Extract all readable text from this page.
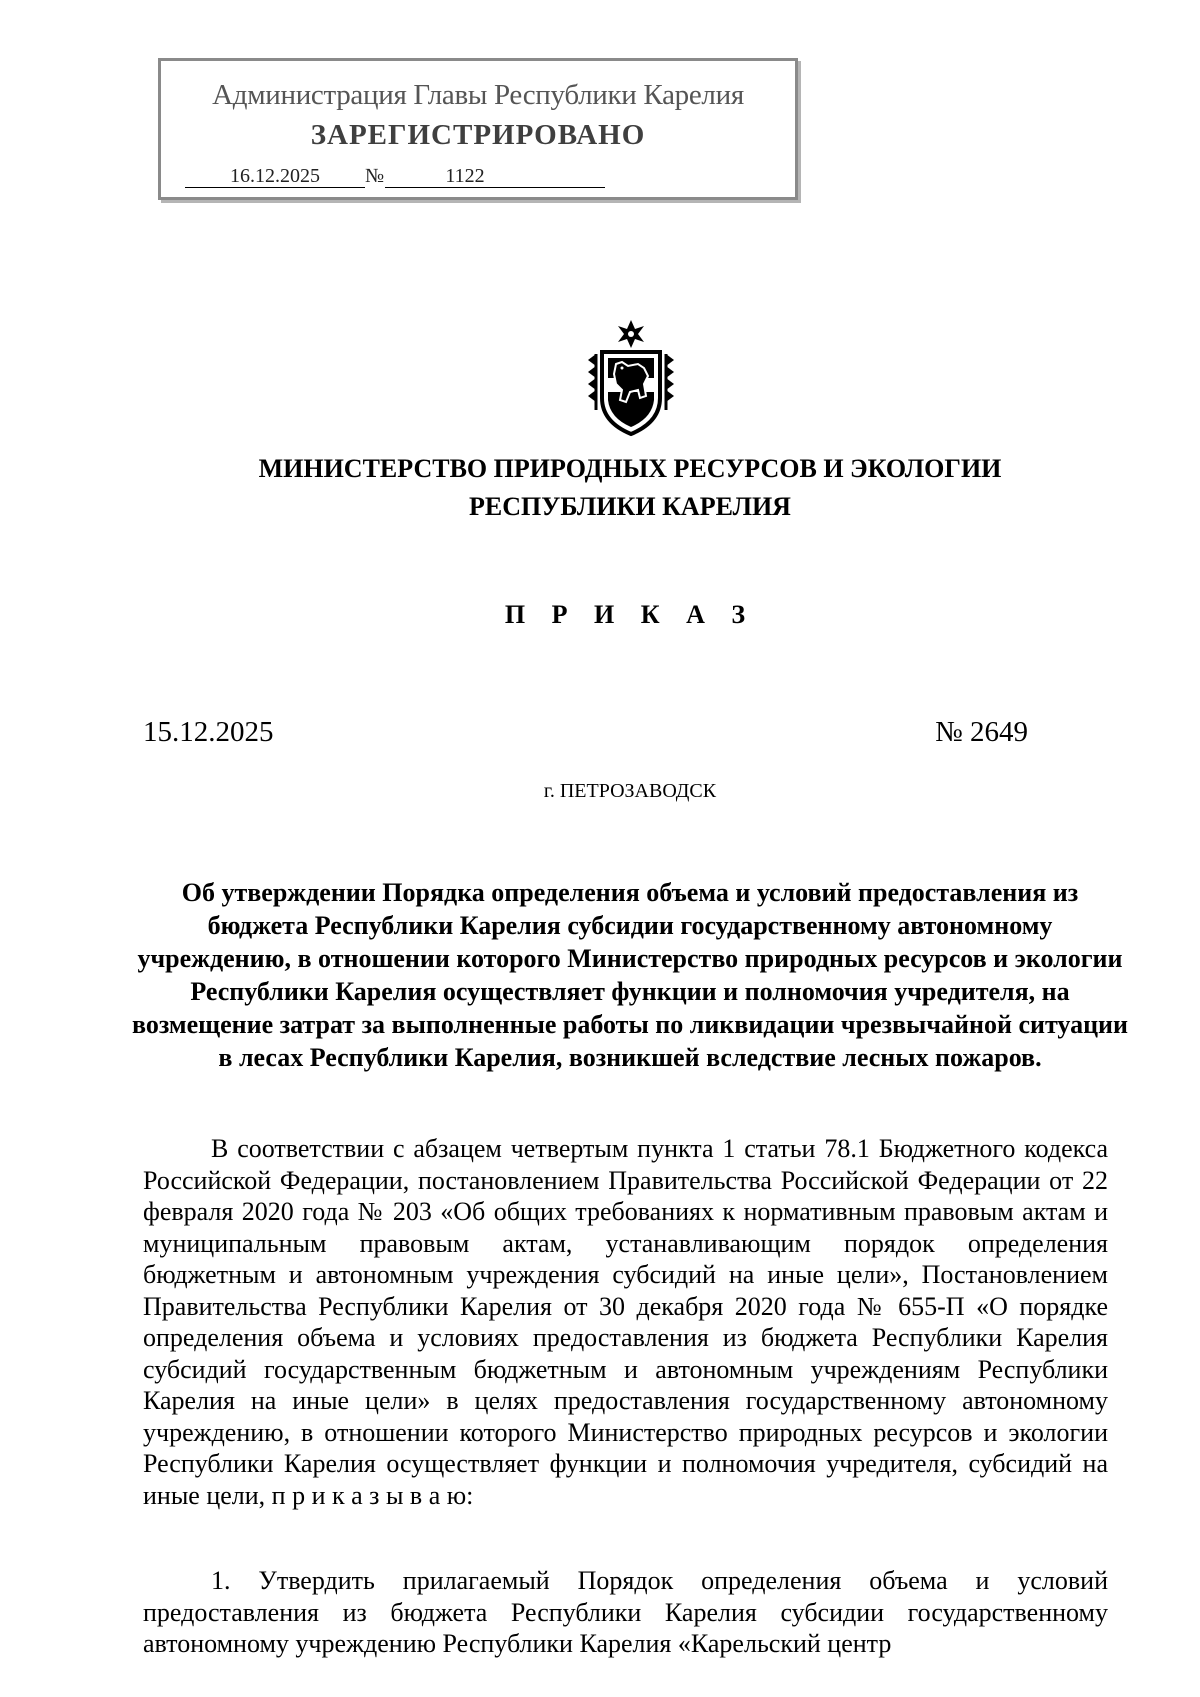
Администрация Главы Республики Карелия
ЗАРЕГИСТРИРОВАНО
16.12.2025 №	1122
МИНИСТЕРСТВО ПРИРОДНЫХ РЕСУРСОВ И ЭКОЛОГИИ
РЕСПУБЛИКИ КАРЕЛИЯ
П Р И К А З
15.12.2025	№ 2649
г. ПЕТРОЗАВОДСК
Об утверждении Порядка определения объема и условий предоставления из бюджета Республики Карелия субсидии государственному автономному учреждению, в отношении которого Министерство природных ресурсов и экологии Республики Карелия осуществляет функции и полномочия учредителя, на возмещение затрат за выполненные работы по ликвидации чрезвычайной ситуации в лесах Республики Карелия, возникшей вследствие лесных пожаров.

В соответствии с абзацем четвертым пункта 1 статьи 78.1 Бюджетного кодекса Российской Федерации, постановлением Правительства Российской Федерации от 22 февраля 2020 года № 203 «Об общих требованиях к нормативным правовым актам и муниципальным правовым актам, устанавливающим порядок определения бюджетным и автономным учреждения субсидий на иные цели», Постановлением Правительства Республики Карелия от 30 декабря 2020 года № 655-П «О порядке определения объема и условиях предоставления из бюджета Республики Карелия субсидий государственным бюджетным и автономным учреждениям Республики Карелия на иные цели» в целях предоставления государственному автономному учреждению, в отношении которого Министерство природных ресурсов и экологии Республики Карелия осуществляет функции и полномочия учредителя, субсидий на иные цели, п р и к а з ы в а ю:

1. Утвердить прилагаемый Порядок определения объема и условий предоставления из бюджета Республики Карелия субсидии государственному автономному учреждению Республики Карелия «Карельский центр
